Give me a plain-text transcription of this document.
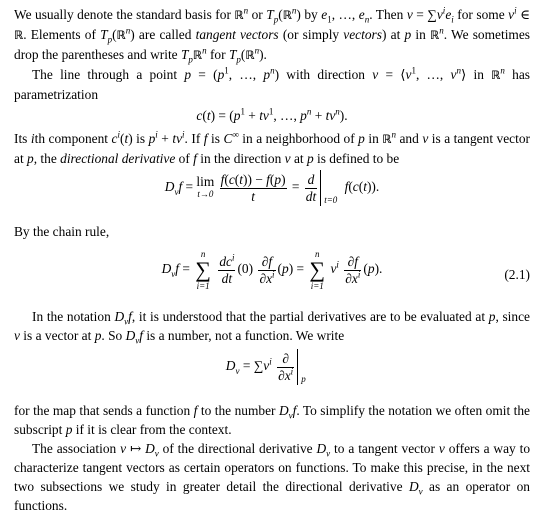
We usually denote the standard basis for ℝ$^n$ or $T_p(ℝ^n)$ by $e_1$, …, $e_n$. Then $v = \sum v^ie_i$ for some $v^i$ ∈ ℝ. Elements of $T_p(ℝ^n)$ are called tangent vectors (or simply vectors) at p in ℝ$^n$. We sometimes drop the parentheses and write $T_pℝ^n$ for $T_p(ℝ^n)$.

The line through a point $p = (p^1$, …, $p^n$) with direction $v = ⟨v^1$, …, $v^n⟩$ in ℝ$^n$ has parametrization

$c(t) = (p^1 + tv^1$, …, $p^n + tv^n$).

Its ith component $c^i(t)$ is $p^i + tv^i$. If f is C∞ in a neighborhood of p in ℝ$^n$ and v is a tangent vector at p, the directional derivative of f in the direction v at p is defined to be

$D_vf = \lim$
t→0
$\frac{f(c(t)) - f(p)}{t} = \frac{d}{dt} t=0$
f(c(t)).

By the chain rule,

$D_vf$ =
n
∑
i=1
$\frac{dc^i}{dt} (0) \frac{\partial f}{\partial x^i} (p)$ =
n
∑
i=1
$v^i \frac{\partial f}{\partial x^i} (p)$.	(2.1)

In the notation $D_vf$, it is understood that the partial derivatives are to be evaluated at p, since v is a vector at p. So $D_vf$ is a number, not a function. We write

$D_v = \sum v^i \frac{\partial}{\partial x^i}$ p

for the map that sends a function f to the number $D_vf$. To simplify the notation we often omit the subscript p if it is clear from the context.

The association v ↦ $D_v$ of the directional derivative $D_v$ to a tangent vector v offers a way to characterize tangent vectors as certain operators on functions. To make this precise, in the next two subsections we study in greater detail the directional derivative $D_v$ as an operator on functions.
